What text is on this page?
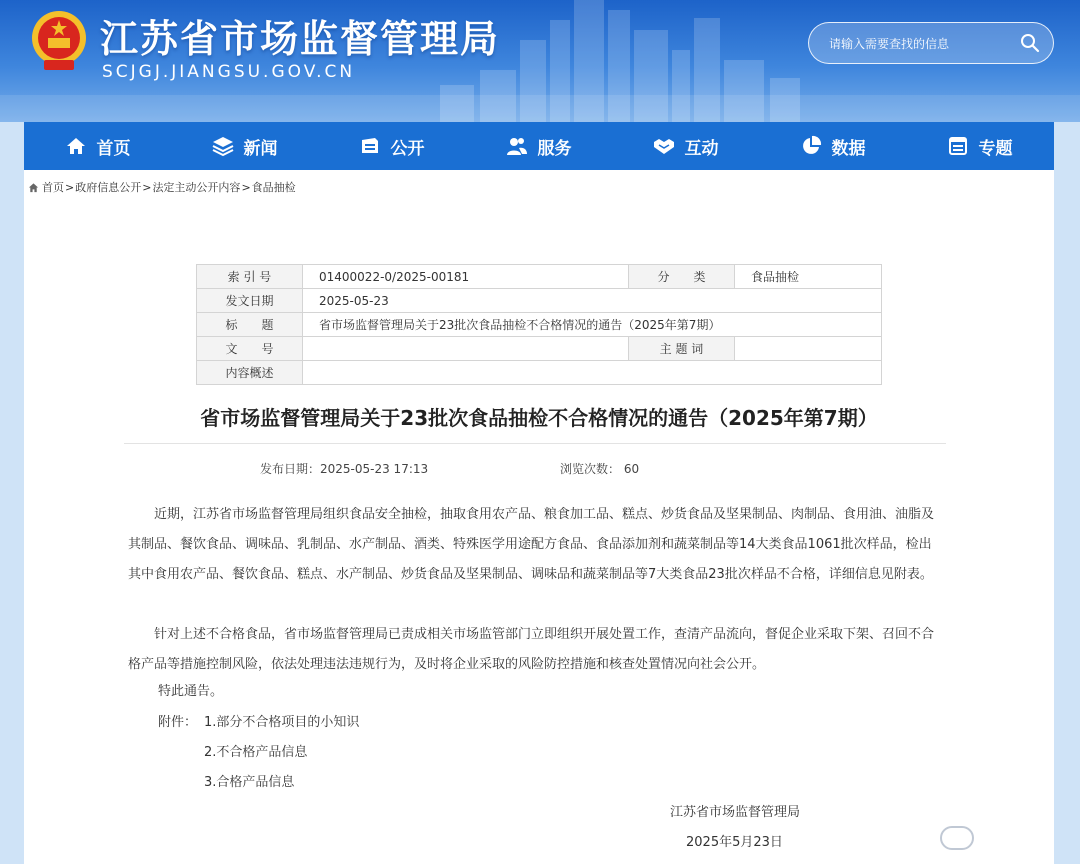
江苏省市场监督管理局
SCJGJ.JIANGSU.GOV.CN
请输入需要查找的信息
首页	新闻	公开	服务	互动	数据	专题
首页 > 政府信息公开 > 法定主动公开内容 > 食品抽检
索 引 号	01400022-0/2025-00181	分　　类	食品抽检
发文日期	2025-05-23		
标　　题	省市场监督管理局关于23批次食品抽检不合格情况的通告（2025年第7期）		
文　　号		主 题 词	
内容概述			
省市场监督管理局关于23批次食品抽检不合格情况的通告（2025年第7期）
发布日期：2025-05-23 17:13	浏览次数： 60

近期，江苏省市场监督管理局组织食品安全抽检，抽取食用农产品、粮食加工品、糕点、炒货食品及坚果制品、肉制品、食用油、油脂及其制品、餐饮食品、调味品、乳制品、水产制品、酒类、特殊医学用途配方食品、食品添加剂和蔬菜制品等14大类食品1061批次样品，检出其中食用农产品、餐饮食品、糕点、水产制品、炒货食品及坚果制品、调味品和蔬菜制品等7大类食品23批次样品不合格，详细信息见附表。

针对上述不合格食品，省市场监督管理局已责成相关市场监管部门立即组织开展处置工作，查清产品流向，督促企业采取下架、召回不合格产品等措施控制风险，依法处理违法违规行为，及时将企业采取的风险防控措施和核查处置情况向社会公开。

特此通告。
附件： 1.部分不合格项目的小知识
2.不合格产品信息
3.合格产品信息
江苏省市场监督管理局
2025年5月23日
